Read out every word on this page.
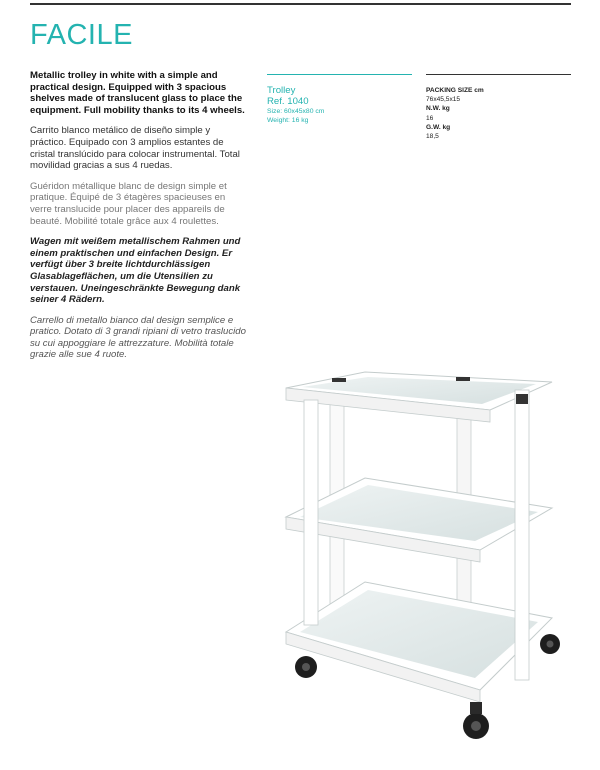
FACILE

Metallic trolley in white with a simple and practical design. Equipped with 3 spacious shelves made of translucent glass to place the equipment. Full mobility thanks to its 4 wheels.

Carrito blanco metálico de diseño simple y práctico. Equipado con 3 amplios estantes de cristal translúcido para colocar instrumental. Total movilidad gracias a sus 4 ruedas.

Guéridon métallique blanc de design simple et pratique. Équipé de 3 étagères spacieuses en verre translucide pour placer des appareils de beauté. Mobilité totale grâce aux 4 roulettes.

Wagen mit weißem metallischem Rahmen und einem praktischen und einfachen Design. Er verfügt über 3 breite lichtdurchlässigen Glasablageflächen, um die Utensilien zu verstauen. Uneingeschränkte Bewegung dank seiner 4 Rädern.

Carrello di metallo bianco dal design semplice e pratico. Dotato di 3 grandi ripiani di vetro traslucido su cui appoggiare le attrezzature. Mobilità totale grazie alle sue 4 ruote.

Trolley
Ref. 1040
Size: 60x45x80 cm
Weight: 16 kg
PACKING SIZE cm
76x45,5x15
N.W. kg
16
G.W. kg
18,5
